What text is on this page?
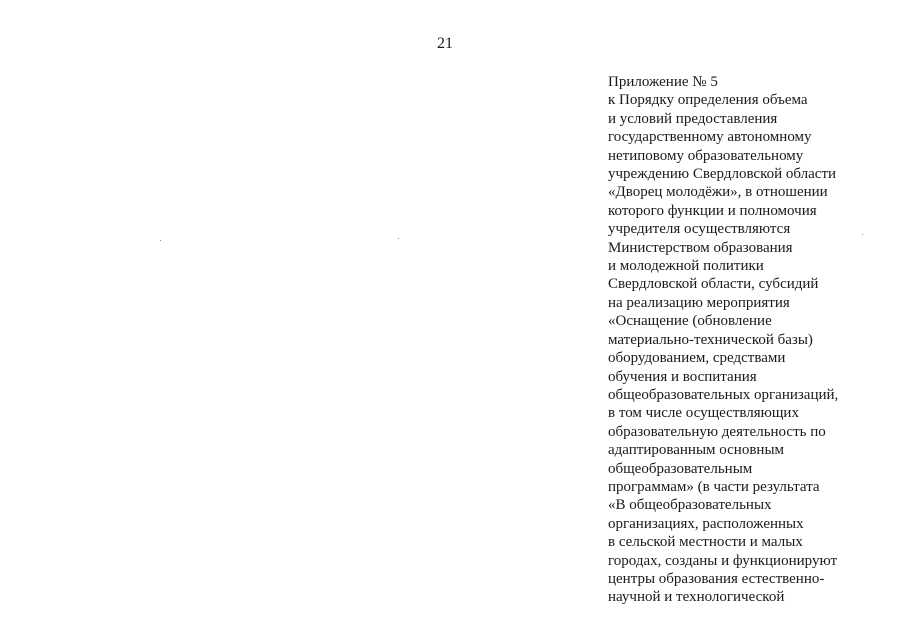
21
Приложение № 5
к Порядку определения объема
и условий предоставления
государственному автономному
нетиповому образовательному
учреждению Свердловской области
«Дворец молодёжи», в отношении
которого функции и полномочия
учредителя осуществляются
Министерством образования
и молодежной политики
Свердловской области, субсидий
на реализацию мероприятия
«Оснащение (обновление
материально-технической базы)
оборудованием, средствами
обучения и воспитания
общеобразовательных организаций,
в том числе осуществляющих
образовательную деятельность по
адаптированным основным
общеобразовательным
программам» (в части результата
«В общеобразовательных
организациях, расположенных
в сельской местности и малых
городах, созданы и функционируют
центры образования естественно-
научной и технологической
